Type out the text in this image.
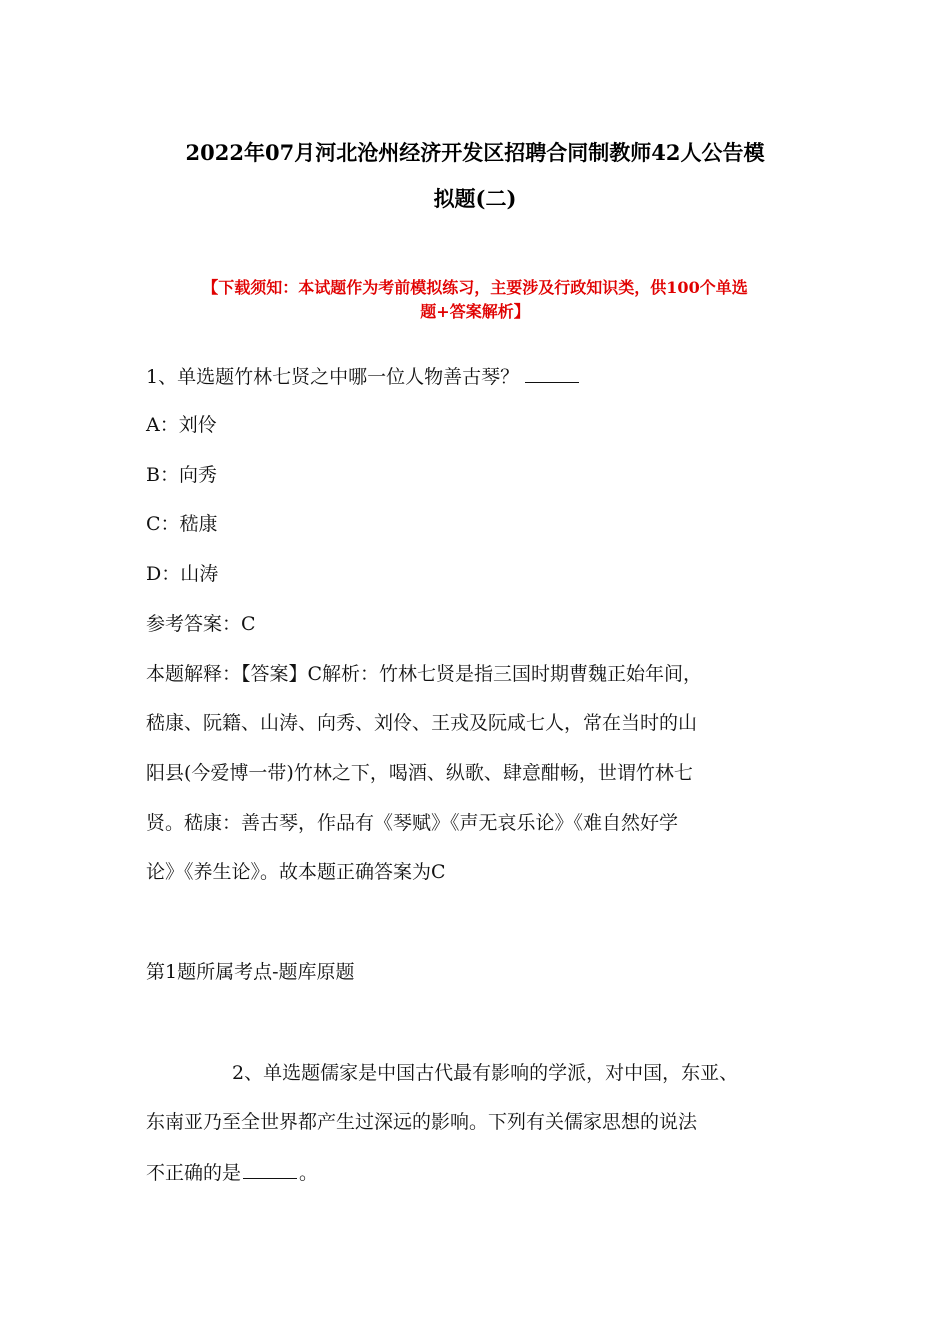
2022年07月河北沧州经济开发区招聘合同制教师42人公告模
拟题(二)
【下载须知：本试题作为考前模拟练习，主要涉及行政知识类，供100个单选
题+答案解析】
1、单选题竹林七贤之中哪一位人物善古琴？
A：刘伶
B：向秀
C：嵇康
D：山涛
参考答案：C
本题解释：【答案】C解析：竹林七贤是指三国时期曹魏正始年间，
嵇康、阮籍、山涛、向秀、刘伶、王戎及阮咸七人，常在当时的山
阳县(今爱博一带)竹林之下，喝酒、纵歌、肆意酣畅，世谓竹林七
贤。嵇康：善古琴，作品有《琴赋》《声无哀乐论》《难自然好学
论》《养生论》。故本题正确答案为C
第1题所属考点-题库原题
2、单选题儒家是中国古代最有影响的学派，对中国，东亚、
东南亚乃至全世界都产生过深远的影响。下列有关儒家思想的说法
不正确的是	。
